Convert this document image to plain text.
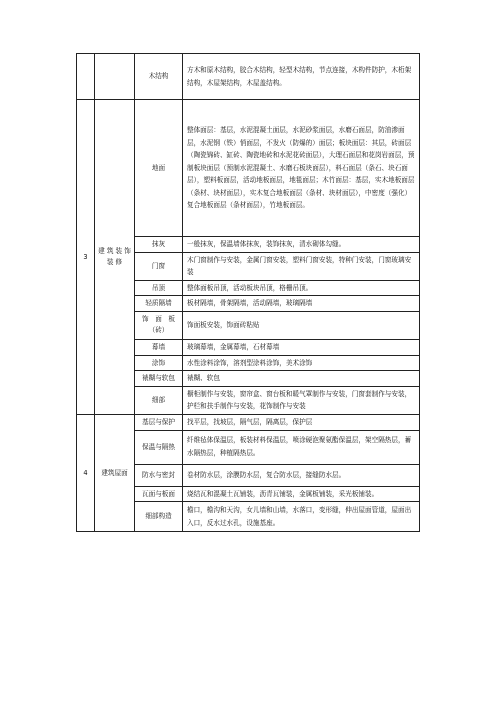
		木结构	方木和原木结构，胶合木结构，轻型木结构，节点连接，木构件防护，木桁架结构，木屋架结构，木屋盖结构。
3	建 筑 装 饰 装 修	地面	整体面层：基层，水泥混凝土面层，水泥砂浆面层，水磨石面层，防油渗面层，水泥钢（铁）悄面层，不发火（防爆的）面层；板块面层：其层，砖面层（陶瓷锦砖、缸砖、陶瓷地砖和水泥花砖面层），大理石面层和花岗岩面层，预制板块面层（预制水泥混凝土、水磨石板块面层），料石面层（条石、块石面层），塑料板面层，活动地板面层，地毯面层；木竹面层：基层，实木地板面层（条材、块材面层），实木复合地板面层（条材、块材面层），中密度（强化）复合地板面层（条材面层），竹地板面层。
		抹灰	一般抹灰，保温墙体抹灰，装饰抹灰，清水砌体勾缝。
		门窗	木门窗制作与安装，金属门窗安装，塑料门窗安装，特种门安装，门窗玻璃安装
		吊顶	整体面板吊顶，活动板块吊顶，格栅吊顶。
		轻质隔墙	板材隔墙，骨架隔墙，活动隔墙，玻璃隔墙
		饰　面　板（砖）	饰面板安装，饰面砖粘贴
		幕墙	玻璃幕墙，金属幕墙，石材幕墙
		涂饰	水性涂料涂饰，溶剂型涂料涂饰，美术涂饰
		裱糊与软包	裱糊、软包
		细部	橱柜制作与安装，窗帘盒、窗台板和暖气罩制作与安装，门窗套制作与安装，护栏和扶手制作与安装，花饰制作与安装
4	建筑屋面	基层与保护	找平层，找坡层，隔气层，隔离层，保护层
		保温与隔热	纤维毡体保温层，板装材料保温层，喷涂硬泡聚氨酯保温层，架空隔热层，蓄水隔热层，种植隔热层。
		防水与密封	卷材防水层，涂膜防水层，复合防水层，接缝防水层。
		瓦面与板面	烧结瓦和混凝土瓦铺装，沥青瓦铺装，金属板铺装，采光板铺装。
		细部构造	檐口，檐沟和天沟，女儿墙和山墙，水落口，变形缝，伸出屋面管道，屋面出入口，反水过水孔，设施基座。
